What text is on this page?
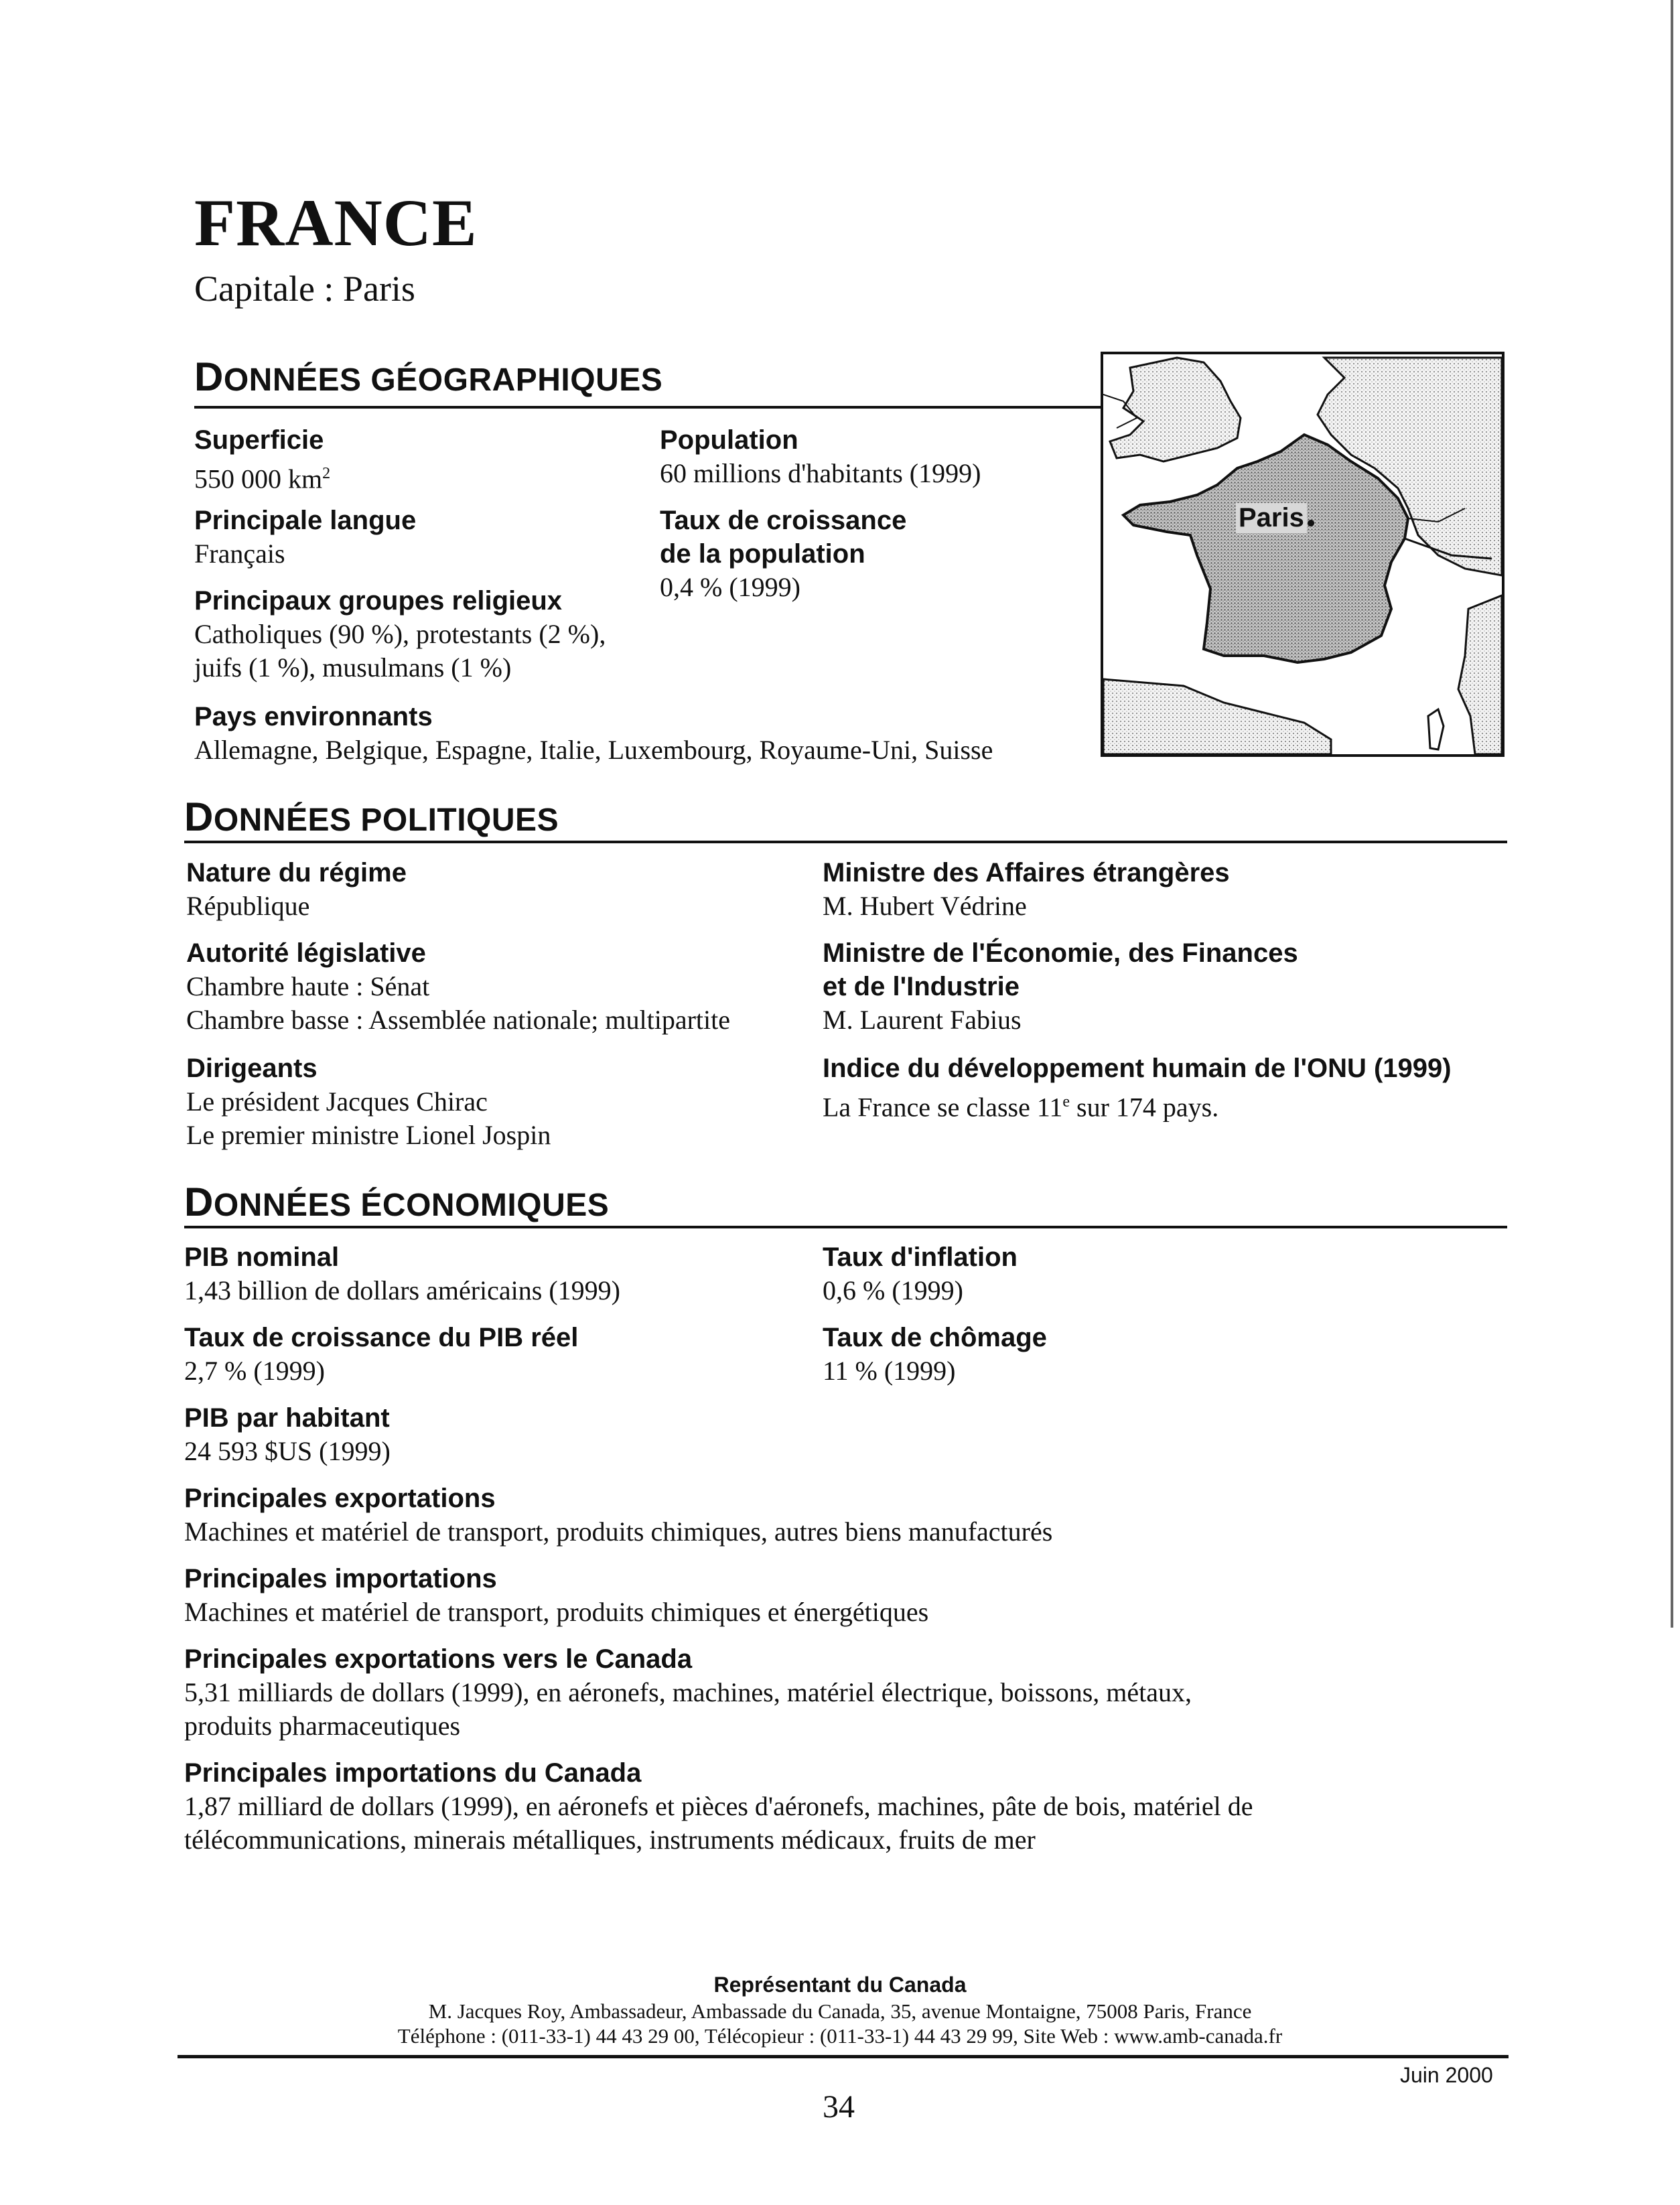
FRANCE
Capitale : Paris
DONNÉES GÉOGRAPHIQUES
Superficie
550 000 $km^2$
Principale langue
Français
Principaux groupes religieux
Catholiques (90 %), protestants (2 %),
juifs (1 %), musulmans (1 %)
Population
60 millions d'habitants (1999)
Taux de croissance
de la population
0,4 % (1999)
Pays environnants
Allemagne, Belgique, Espagne, Italie, Luxembourg, Royaume-Uni, Suisse
Paris
DONNÉES POLITIQUES
Nature du régime
République
Autorité législative
Chambre haute : Sénat
Chambre basse : Assemblée nationale; multipartite
Dirigeants
Le président Jacques Chirac
Le premier ministre Lionel Jospin
Ministre des Affaires étrangères
M. Hubert Védrine
Ministre de l'Économie, des Finances
et de l'Industrie
M. Laurent Fabius
Indice du développement humain de l'ONU (1999)
La France se classe 11e sur 174 pays.
DONNÉES ÉCONOMIQUES
PIB nominal
1,43 billion de dollars américains (1999)
Taux de croissance du PIB réel
2,7 % (1999)
PIB par habitant
24 593 $US (1999)
Taux d'inflation
0,6 % (1999)
Taux de chômage
11 % (1999)
Principales exportations
Machines et matériel de transport, produits chimiques, autres biens manufacturés
Principales importations
Machines et matériel de transport, produits chimiques et énergétiques
Principales exportations vers le Canada
5,31 milliards de dollars (1999), en aéronefs, machines, matériel électrique, boissons, métaux,
produits pharmaceutiques
Principales importations du Canada
1,87 milliard de dollars (1999), en aéronefs et pièces d'aéronefs, machines, pâte de bois, matériel de
télécommunications, minerais métalliques, instruments médicaux, fruits de mer
Représentant du Canada
M. Jacques Roy, Ambassadeur, Ambassade du Canada, 35, avenue Montaigne, 75008 Paris, France
Téléphone : (011-33-1) 44 43 29 00, Télécopieur : (011-33-1) 44 43 29 99, Site Web : www.amb-canada.fr
Juin 2000
34
